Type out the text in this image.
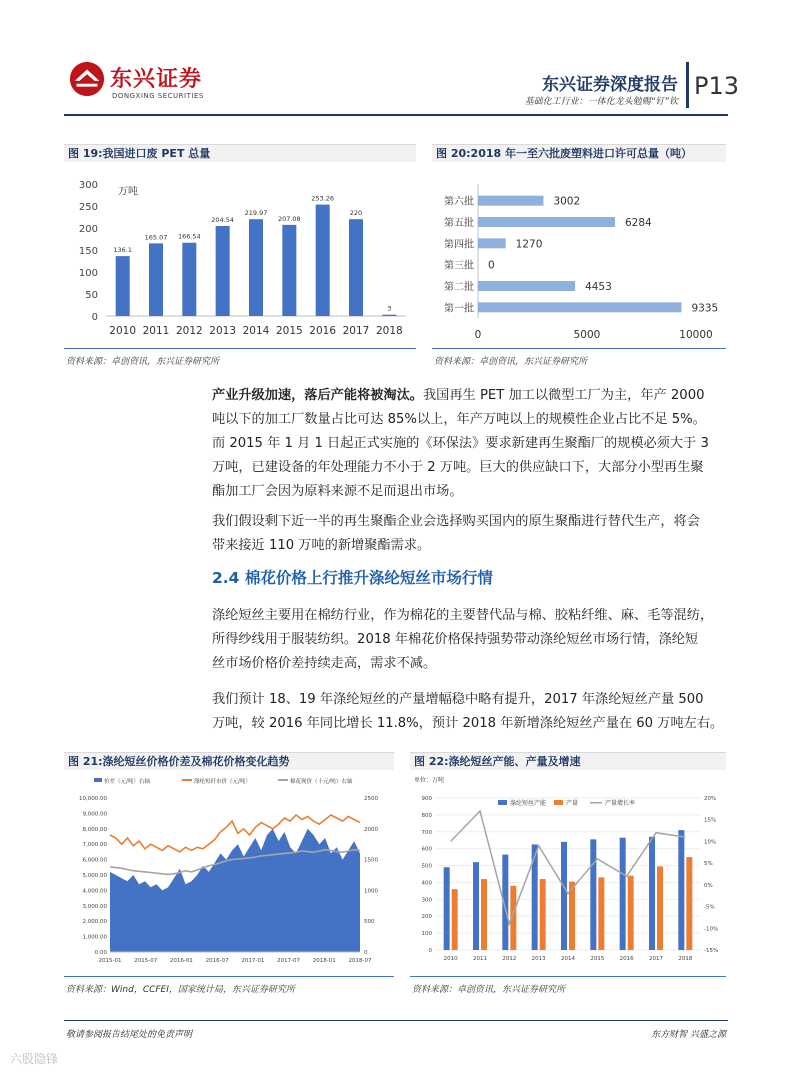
东兴证券
DONGXING SECURITIES
东兴证券深度报告
基础化工行业：一体化龙头勉赐“钉”钦
P13
图 19:我国进口废 PET 总量
0
50
100
150
200
250
300
万吨
136.1
2010
165.07
2011
166.54
2012
204.54
2013
219.97
2014
207.08
2015
253.26
2016
220
2017
3
2018
资料来源：卓创资讯，东兴证券研究所
图 20:2018 年一至六批废塑料进口许可总量（吨）
第六批	3002
第五批	6284
第四批	1270
第三批 0
第二批	4453
第一批	9335
0	5000	10000
资料来源：卓创资讯，东兴证券研究所
产业升级加速，落后产能将被淘汰。我国再生 PET 加工以微型工厂为主，年产 2000
吨以下的加工厂数量占比可达 85%以上，年产万吨以上的规模性企业占比不足 5%。
而 2015 年 1 月 1 日起正式实施的《环保法》要求新建再生聚酯厂的规模必须大于 3
万吨，已建设备的年处理能力不小于 2 万吨。巨大的供应缺口下，大部分小型再生聚
酯加工厂会因为原料来源不足而退出市场。
我们假设剩下近一半的再生聚酯企业会选择购买国内的原生聚酯进行替代生产，将会
带来接近 110 万吨的新增聚酯需求。
2.4 棉花价格上行推升涤纶短丝市场行情
涤纶短丝主要用在棉纺行业，作为棉花的主要替代品与棉、胶粘纤维、麻、毛等混纺，
所得纱线用于服装纺织。2018 年棉花价格保持强势带动涤纶短丝市场行情，涤纶短
丝市场价格价差持续走高，需求不减。
我们预计 18、19 年涤纶短丝的产量增幅稳中略有提升，2017 年涤纶短丝产量 500
万吨，较 2016 年同比增长 11.8%，预计 2018 年新增涤纶短丝产量在 60 万吨左右。
图 21:涤纶短丝价格价差及棉花价格变化趋势
价差（元/吨）右轴	涤纶短纤市价（元/吨）	棉花现价（十元/吨）右轴
0.00
1,000.00
2,000.00
3,000.00
4,000.00
5,000.00
6,000.00
7,000.00
8,000.00
9,000.00
10,000.00
0
500
1000
1500
2000
2500
2015-01 2015-07 2016-01 2016-07 2017-01 2017-07 2018-01 2018-07
资料来源：Wind，CCFEI，国家统计局，东兴证券研究所
图 22:涤纶短丝产能、产量及增速
单位：万吨
涤纶短丝产能	产量	产量增长率
0
100
200
300
400
500
600
700
800
900
-15%
-10%
-5%
0%
5%
10%
15%
20%
2010	2011	2012	2013	2014	2015	2016	2017	2018
资料来源：卓创资讯，东兴证券研究所
敬请参阅报告结尾处的免责声明	东方财智 兴盛之源
六股隐锋
